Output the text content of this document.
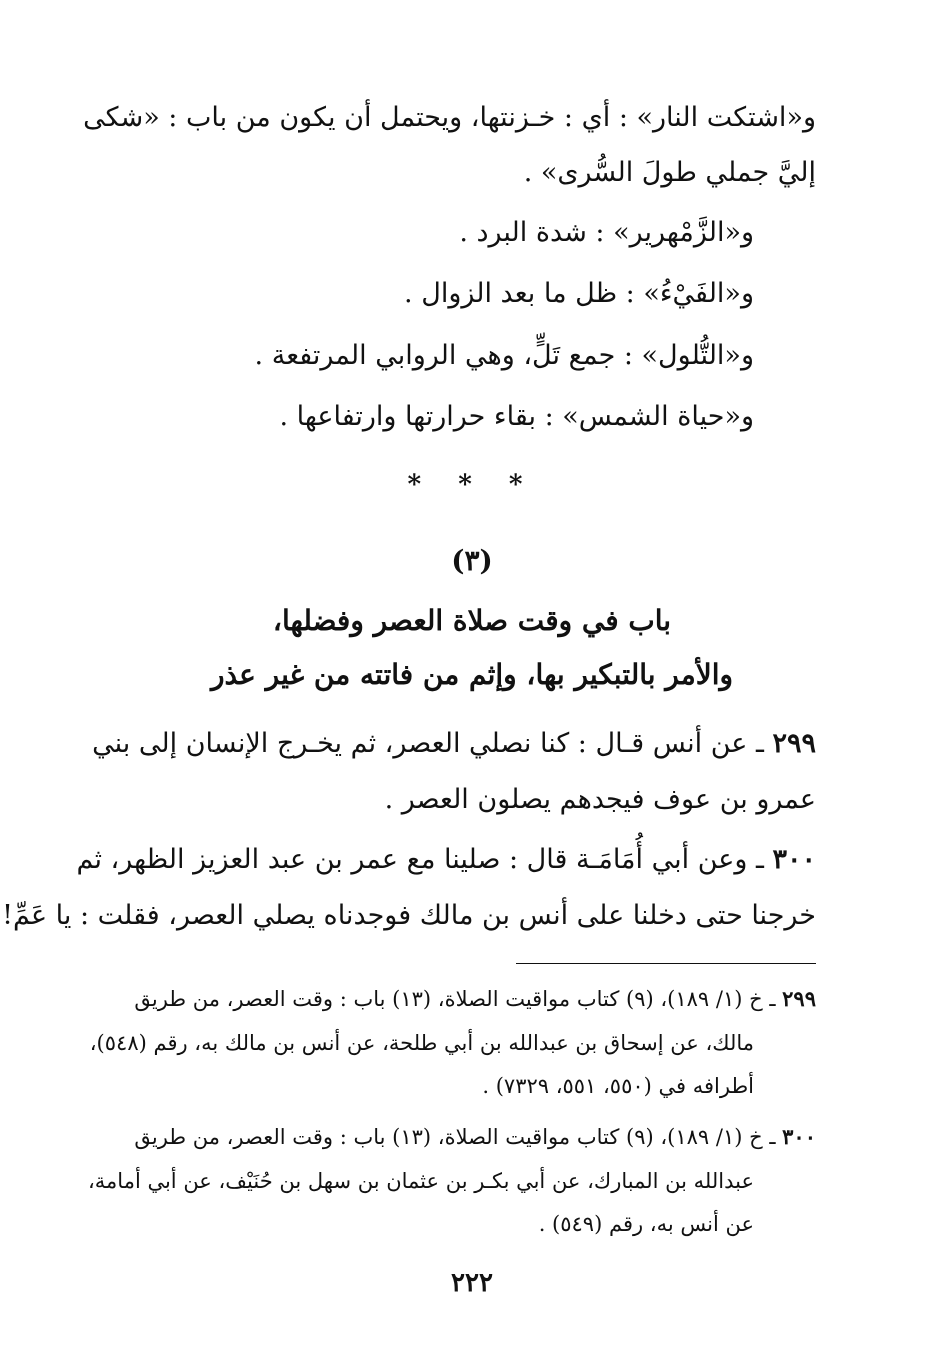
و«اشتكت النار» : أي : خـزنتها، ويحتمل أن يكون من باب : «شكى
إليَّ جملي طولَ السُّرى» .
و«الزَّمْهرير» : شدة البرد .
و«الفَيْءُ» : ظل ما بعد الزوال .
و«التُّلول» : جمع تَلٍّ، وهي الروابي المرتفعة .
و«حياة الشمس» : بقاء حرارتها وارتفاعها .
* * *
(٣)
باب في وقت صلاة العصر وفضلها،
والأمر بالتبكير بها، وإثم من فاتته من غير عذر
٢٩٩ ـ عن أنس قـال : كنا نصلي العصر، ثم يخـرج الإنسان إلى بني
عمرو بن عوف فيجدهم يصلون العصر .
٣٠٠ ـ وعن أبي أُمَامَـة قال : صلينا مع عمر بن عبد العزيز الظهر، ثم
خرجنا حتى دخلنا على أنس بن مالك فوجدناه يصلي العصر، فقلت : يا عَمِّ!
٢٩٩ ـ خ (١/ ١٨٩)، (٩) كتاب مواقيت الصلاة، (١٣) باب : وقت العصر، من طريق
مالك، عن إسحاق بن عبدالله بن أبي طلحة، عن أنس بن مالك به، رقم (٥٤٨)،
أطرافه في (٥٥٠، ٥٥١، ٧٣٢٩) .
٣٠٠ ـ خ (١/ ١٨٩)، (٩) كتاب مواقيت الصلاة، (١٣) باب : وقت العصر، من طريق
عبدالله بن المبارك، عن أبي بكـر بن عثمان بن سهل بن حُنَيْف، عن أبي أمامة،
عن أنس به، رقم (٥٤٩) .
٢٢٢
